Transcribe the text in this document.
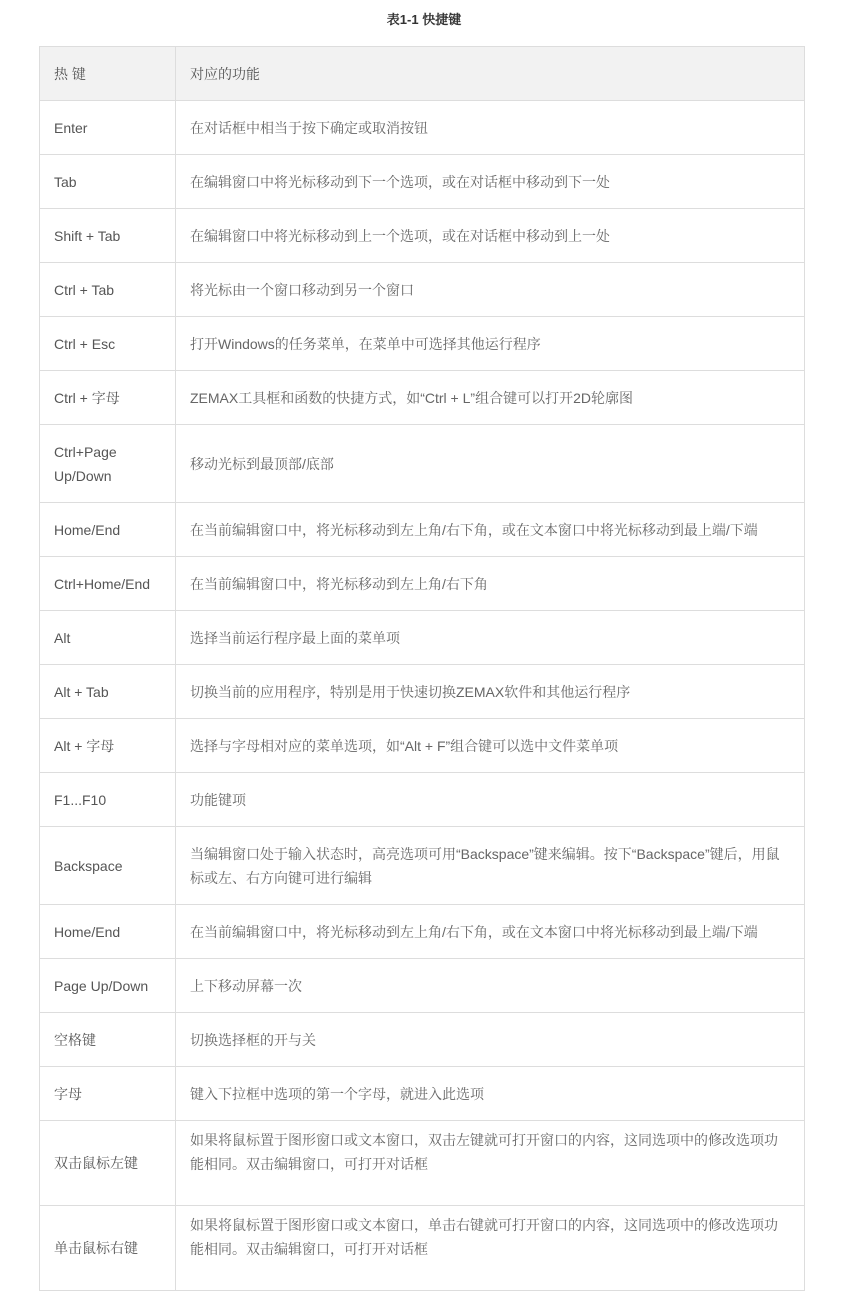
表1-1 快捷键
热 键	对应的功能
Enter	在对话框中相当于按下确定或取消按钮
Tab	在编辑窗口中将光标移动到下一个选项，或在对话框中移动到下一处
Shift + Tab	在编辑窗口中将光标移动到上一个选项，或在对话框中移动到上一处
Ctrl + Tab	将光标由一个窗口移动到另一个窗口
Ctrl + Esc	打开Windows的任务菜单，在菜单中可选择其他运行程序
Ctrl + 字母	ZEMAX工具框和函数的快捷方式，如“Ctrl + L”组合键可以打开2D轮廓图
Ctrl+Page Up/Down	移动光标到最顶部/底部
Home/End	在当前编辑窗口中，将光标移动到左上角/右下角，或在文本窗口中将光标移动到最上端/下端
Ctrl+Home/End	在当前编辑窗口中，将光标移动到左上角/右下角
Alt	选择当前运行程序最上面的菜单项
Alt + Tab	切换当前的应用程序，特别是用于快速切换ZEMAX软件和其他运行程序
Alt + 字母	选择与字母相对应的菜单选项，如“Alt + F”组合键可以选中文件菜单项
F1...F10	功能键项
Backspace	当编辑窗口处于输入状态时，高亮选项可用“Backspace”键来编辑。按下“Backspace”键后，用鼠标或左、右方向键可进行编辑
Home/End	在当前编辑窗口中，将光标移动到左上角/右下角，或在文本窗口中将光标移动到最上端/下端
Page Up/Down	上下移动屏幕一次
空格键	切换选择框的开与关
字母	键入下拉框中选项的第一个字母，就进入此选项
双击鼠标左键	如果将鼠标置于图形窗口或文本窗口，双击左键就可打开窗口的内容，这同选项中的修改选项功能相同。双击编辑窗口，可打开对话框
单击鼠标右键	如果将鼠标置于图形窗口或文本窗口，单击右键就可打开窗口的内容，这同选项中的修改选项功能相同。双击编辑窗口，可打开对话框
